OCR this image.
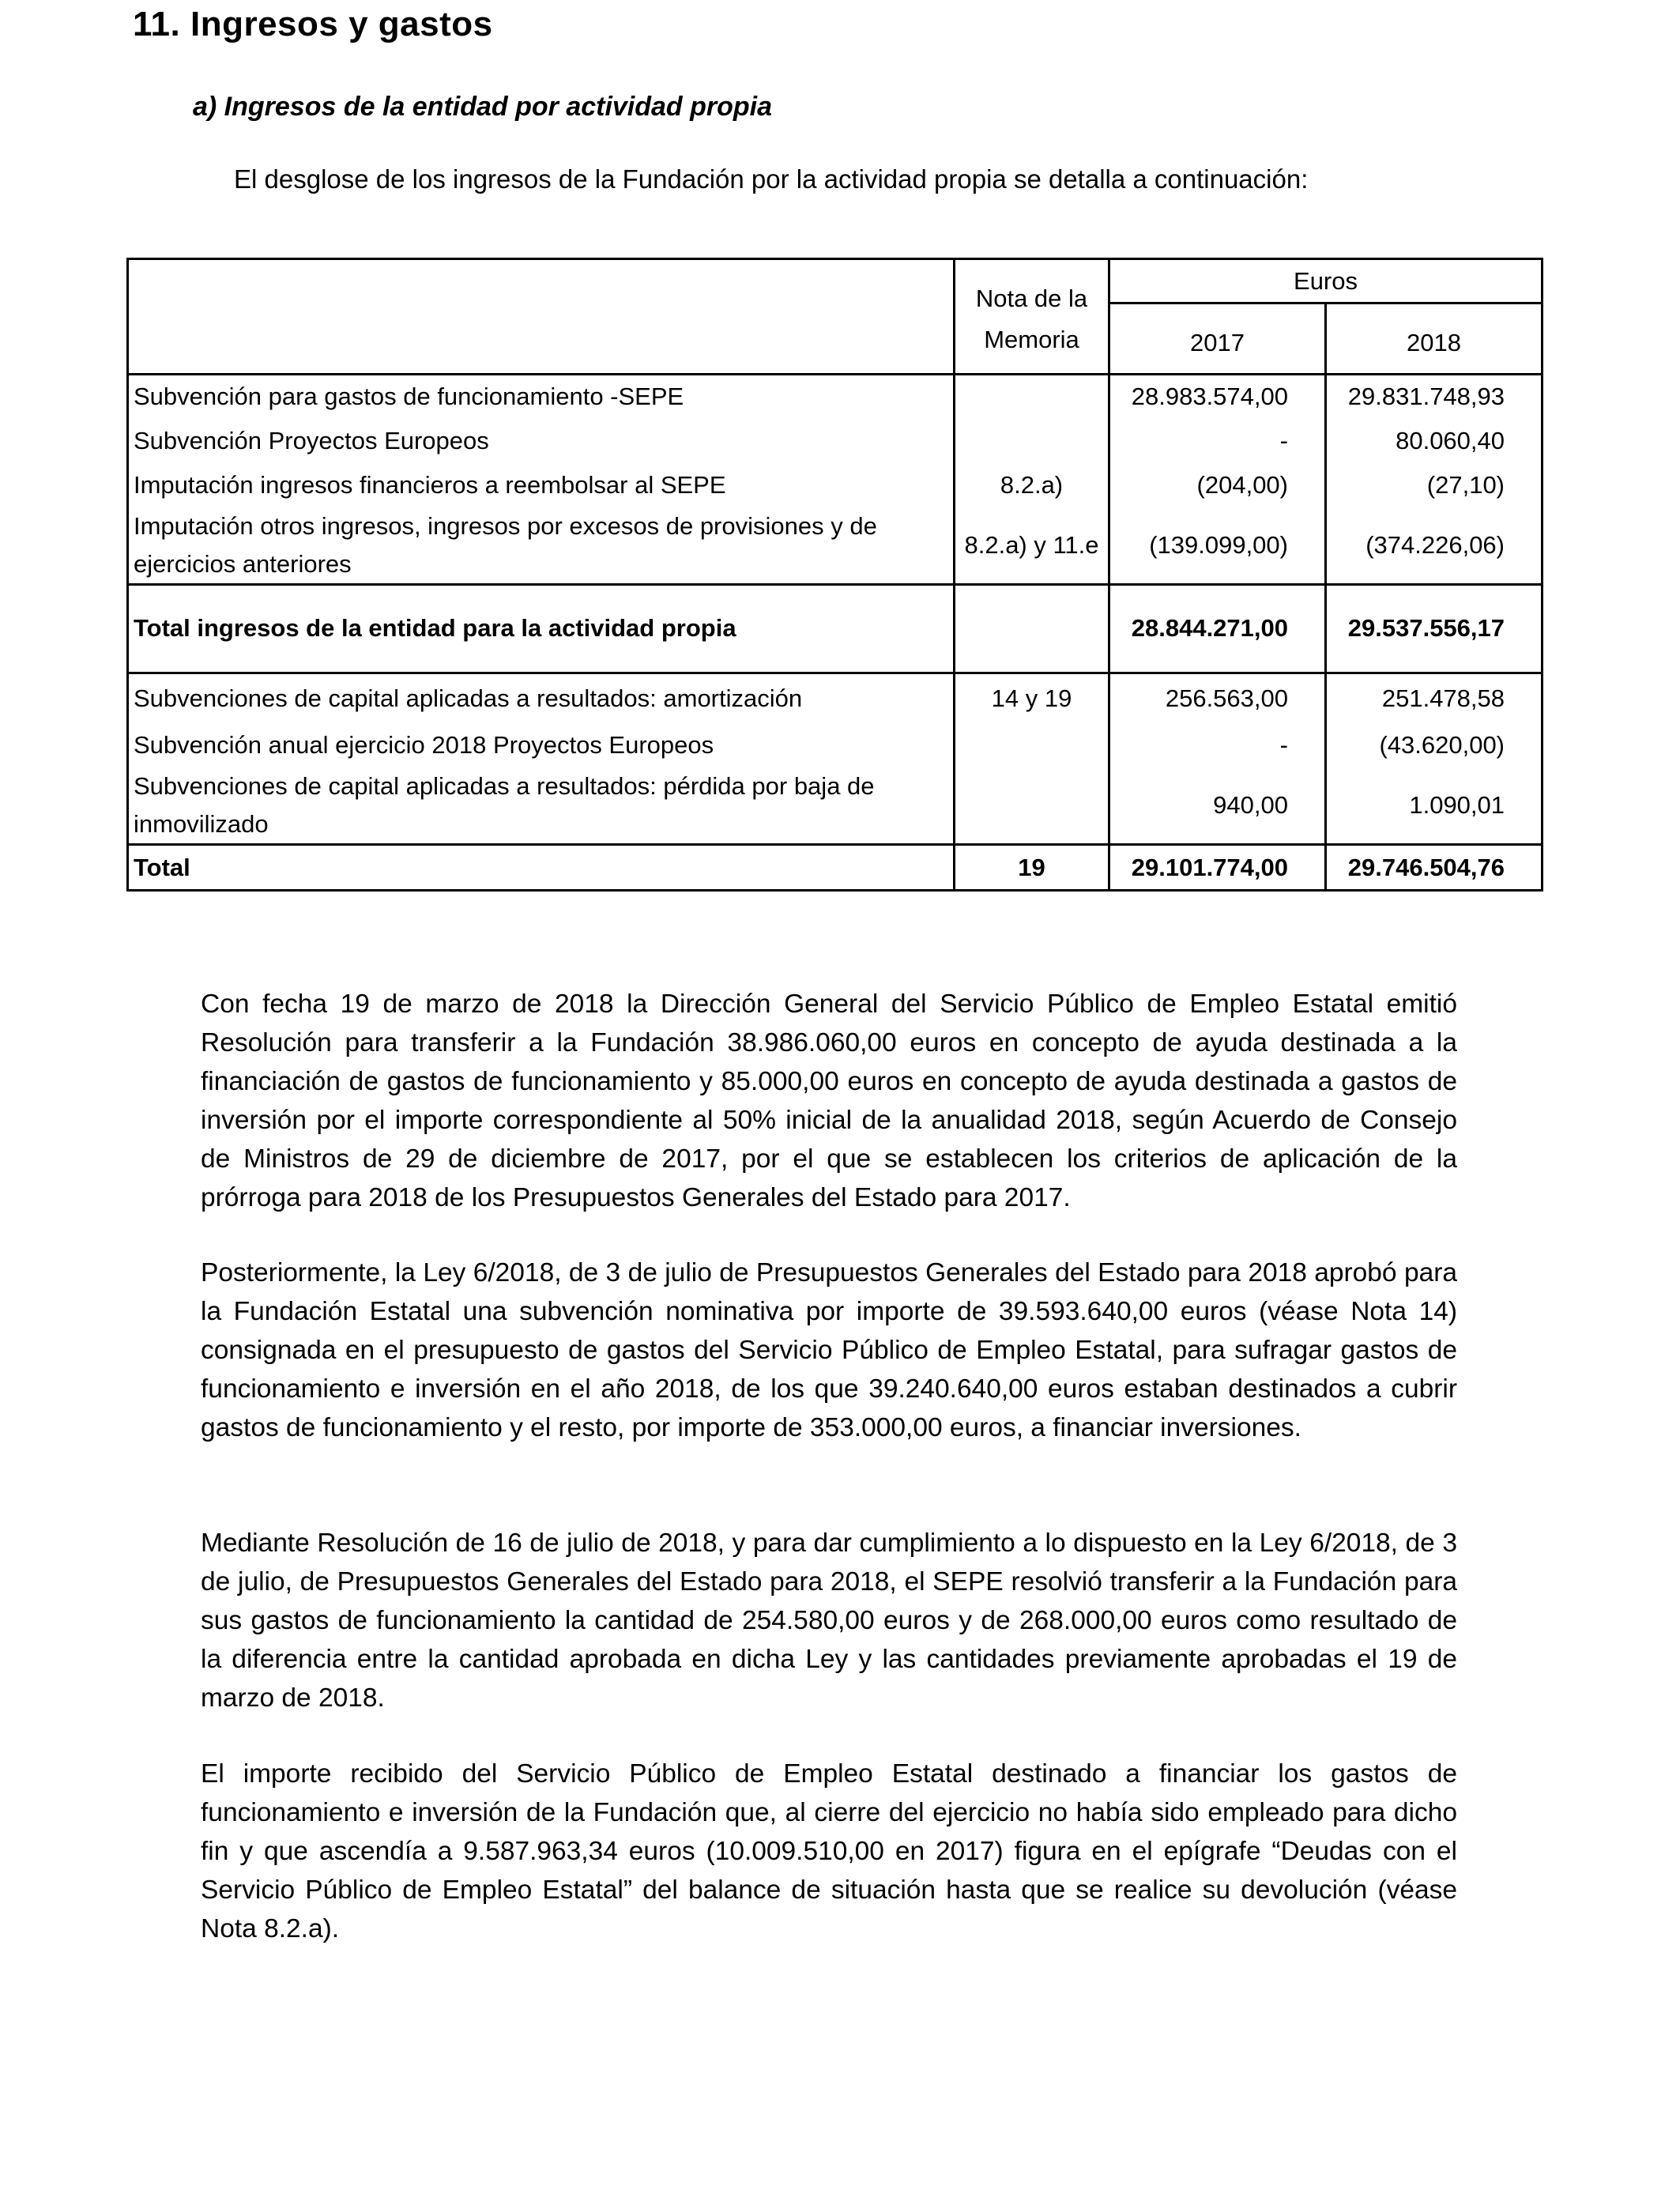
11. Ingresos y gastos
a) Ingresos de la entidad por actividad propia
El desglose de los ingresos de la Fundación por la actividad propia se detalla a continuación:
	Nota de la Memoria	Euros	
		2017	2018
Subvención para gastos de funcionamiento -SEPE		28.983.574,00	29.831.748,93
Subvención Proyectos Europeos		-	80.060,40
Imputación ingresos financieros a reembolsar al SEPE	8.2.a)	(204,00)	(27,10)
Imputación otros ingresos, ingresos por excesos de provisiones y de ejercicios anteriores	8.2.a) y 11.e	(139.099,00)	(374.226,06)
Total ingresos de la entidad para la actividad propia		28.844.271,00	29.537.556,17
Subvenciones de capital aplicadas a resultados: amortización	14 y 19	256.563,00	251.478,58
Subvención anual ejercicio 2018 Proyectos Europeos		-	(43.620,00)
Subvenciones de capital aplicadas a resultados: pérdida por baja de inmovilizado		940,00	1.090,01
Total	19	29.101.774,00	29.746.504,76

Con fecha 19 de marzo de 2018 la Dirección General del Servicio Público de Empleo Estatal emitió Resolución para transferir a la Fundación 38.986.060,00 euros en concepto de ayuda destinada a la financiación de gastos de funcionamiento y 85.000,00 euros en concepto de ayuda destinada a gastos de inversión por el importe correspondiente al 50% inicial de la anualidad 2018, según Acuerdo de Consejo de Ministros de 29 de diciembre de 2017, por el que se establecen los criterios de aplicación de la prórroga para 2018 de los Presupuestos Generales del Estado para 2017.

Posteriormente, la Ley 6/2018, de 3 de julio de Presupuestos Generales del Estado para 2018 aprobó para la Fundación Estatal una subvención nominativa por importe de 39.593.640,00 euros (véase Nota 14) consignada en el presupuesto de gastos del Servicio Público de Empleo Estatal, para sufragar gastos de funcionamiento e inversión en el año 2018, de los que 39.240.640,00 euros estaban destinados a cubrir gastos de funcionamiento y el resto, por importe de 353.000,00 euros, a financiar inversiones.

Mediante Resolución de 16 de julio de 2018, y para dar cumplimiento a lo dispuesto en la Ley 6/2018, de 3 de julio, de Presupuestos Generales del Estado para 2018, el SEPE resolvió transferir a la Fundación para sus gastos de funcionamiento la cantidad de 254.580,00 euros y de 268.000,00 euros como resultado de la diferencia entre la cantidad aprobada en dicha Ley y las cantidades previamente aprobadas el 19 de marzo de 2018.

El importe recibido del Servicio Público de Empleo Estatal destinado a financiar los gastos de funcionamiento e inversión de la Fundación que, al cierre del ejercicio no había sido empleado para dicho fin y que ascendía a 9.587.963,34 euros (10.009.510,00 en 2017) figura en el epígrafe “Deudas con el Servicio Público de Empleo Estatal” del balance de situación hasta que se realice su devolución (véase Nota 8.2.a).
